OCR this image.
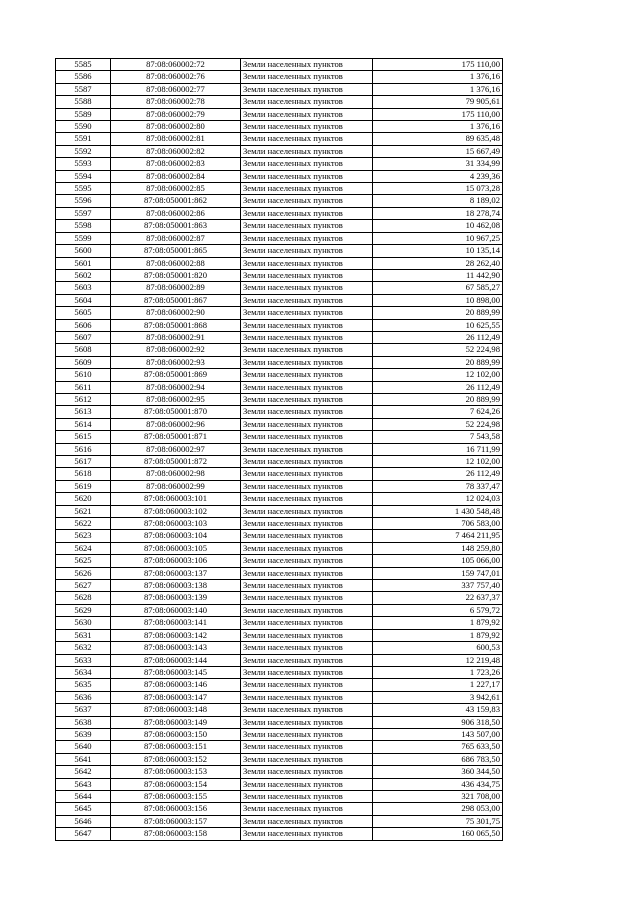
5585	87:08:060002:72	Земли населенных пунктов	175 110,00
5586	87:08:060002:76	Земли населенных пунктов	1 376,16
5587	87:08:060002:77	Земли населенных пунктов	1 376,16
5588	87:08:060002:78	Земли населенных пунктов	79 905,61
5589	87:08:060002:79	Земли населенных пунктов	175 110,00
5590	87:08:060002:80	Земли населенных пунктов	1 376,16
5591	87:08:060002:81	Земли населенных пунктов	89 635,48
5592	87:08:060002:82	Земли населенных пунктов	15 667,49
5593	87:08:060002:83	Земли населенных пунктов	31 334,99
5594	87:08:060002:84	Земли населенных пунктов	4 239,36
5595	87:08:060002:85	Земли населенных пунктов	15 073,28
5596	87:08:050001:862	Земли населенных пунктов	8 189,02
5597	87:08:060002:86	Земли населенных пунктов	18 278,74
5598	87:08:050001:863	Земли населенных пунктов	10 462,08
5599	87:08:060002:87	Земли населенных пунктов	10 967,25
5600	87:08:050001:865	Земли населенных пунктов	10 135,14
5601	87:08:060002:88	Земли населенных пунктов	28 262,40
5602	87:08:050001:820	Земли населенных пунктов	11 442,90
5603	87:08:060002:89	Земли населенных пунктов	67 585,27
5604	87:08:050001:867	Земли населенных пунктов	10 898,00
5605	87:08:060002:90	Земли населенных пунктов	20 889,99
5606	87:08:050001:868	Земли населенных пунктов	10 625,55
5607	87:08:060002:91	Земли населенных пунктов	26 112,49
5608	87:08:060002:92	Земли населенных пунктов	52 224,98
5609	87:08:060002:93	Земли населенных пунктов	20 889,99
5610	87:08:050001:869	Земли населенных пунктов	12 102,00
5611	87:08:060002:94	Земли населенных пунктов	26 112,49
5612	87:08:060002:95	Земли населенных пунктов	20 889,99
5613	87:08:050001:870	Земли населенных пунктов	7 624,26
5614	87:08:060002:96	Земли населенных пунктов	52 224,98
5615	87:08:050001:871	Земли населенных пунктов	7 543,58
5616	87:08:060002:97	Земли населенных пунктов	16 711,99
5617	87:08:050001:872	Земли населенных пунктов	12 102,00
5618	87:08:060002:98	Земли населенных пунктов	26 112,49
5619	87:08:060002:99	Земли населенных пунктов	78 337,47
5620	87:08:060003:101	Земли населенных пунктов	12 024,03
5621	87:08:060003:102	Земли населенных пунктов	1 430 548,48
5622	87:08:060003:103	Земли населенных пунктов	706 583,00
5623	87:08:060003:104	Земли населенных пунктов	7 464 211,95
5624	87:08:060003:105	Земли населенных пунктов	148 259,80
5625	87:08:060003:106	Земли населенных пунктов	105 066,00
5626	87:08:060003:137	Земли населенных пунктов	159 747,01
5627	87:08:060003:138	Земли населенных пунктов	337 757,40
5628	87:08:060003:139	Земли населенных пунктов	22 637,37
5629	87:08:060003:140	Земли населенных пунктов	6 579,72
5630	87:08:060003:141	Земли населенных пунктов	1 879,92
5631	87:08:060003:142	Земли населенных пунктов	1 879,92
5632	87:08:060003:143	Земли населенных пунктов	600,53
5633	87:08:060003:144	Земли населенных пунктов	12 219,48
5634	87:08:060003:145	Земли населенных пунктов	1 723,26
5635	87:08:060003:146	Земли населенных пунктов	1 227,17
5636	87:08:060003:147	Земли населенных пунктов	3 942,61
5637	87:08:060003:148	Земли населенных пунктов	43 159,83
5638	87:08:060003:149	Земли населенных пунктов	906 318,50
5639	87:08:060003:150	Земли населенных пунктов	143 507,00
5640	87:08:060003:151	Земли населенных пунктов	765 633,50
5641	87:08:060003:152	Земли населенных пунктов	686 783,50
5642	87:08:060003:153	Земли населенных пунктов	360 344,50
5643	87:08:060003:154	Земли населенных пунктов	436 434,75
5644	87:08:060003:155	Земли населенных пунктов	321 708,00
5645	87:08:060003:156	Земли населенных пунктов	298 053,00
5646	87:08:060003:157	Земли населенных пунктов	75 301,75
5647	87:08:060003:158	Земли населенных пунктов	160 065,50
